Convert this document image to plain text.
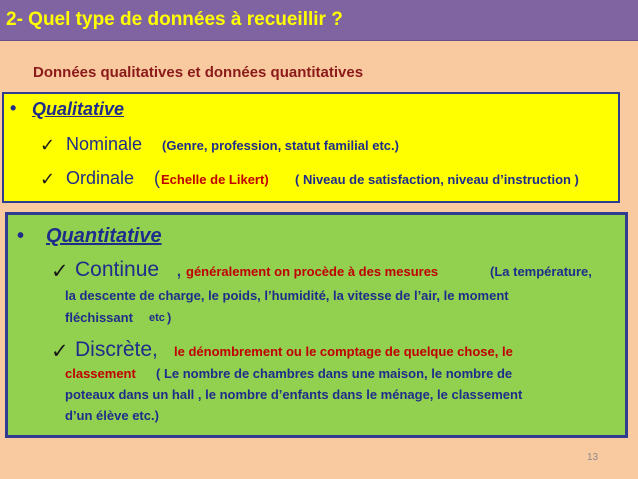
2- Quel type de données à recueillir ?
Données qualitatives et données quantitatives
• Qualitative
✓ Nominale (Genre, profession, statut familial etc.)
✓ Ordinale ( Echelle de Likert) ( Niveau de satisfaction, niveau d’instruction )
• Quantitative
✓ Continue , généralement on procède à des mesures	(La température,
la descente de charge, le poids, l’humidité, la vitesse de l’air, le moment
fléchissant etc )
✓ Discrète, le dénombrement ou le comptage de quelque chose, le
classement ( Le nombre de chambres dans une maison, le nombre de
poteaux dans un hall , le nombre d’enfants dans le ménage, le classement
d’un élève etc.)
13
